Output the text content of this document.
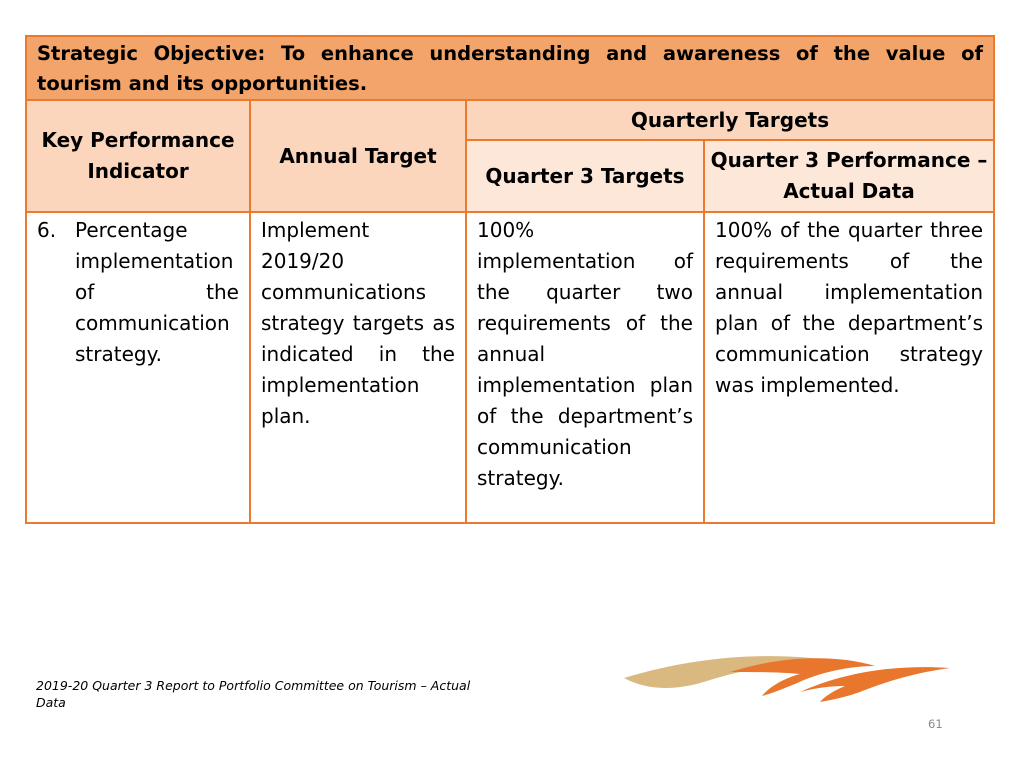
Strategic Objective: To enhance understanding and awareness of the value of tourism and its opportunities.			
Key Performance Indicator	Annual Target	Quarterly Targets	
		Quarter 3 Targets	Quarter 3 Performance – Actual Data

6. Percentage implementation of the communication strategy.	Implement 2019/20 communications strategy targets as indicated in the implementation plan.	100% implementation of the quarter two requirements of the annual implementation plan of the department’s communication strategy.	100% of the quarter three requirements of the annual implementation plan of the department’s communication strategy was implemented.
2019-20 Quarter 3 Report to Portfolio Committee on Tourism – Actual Data
61
